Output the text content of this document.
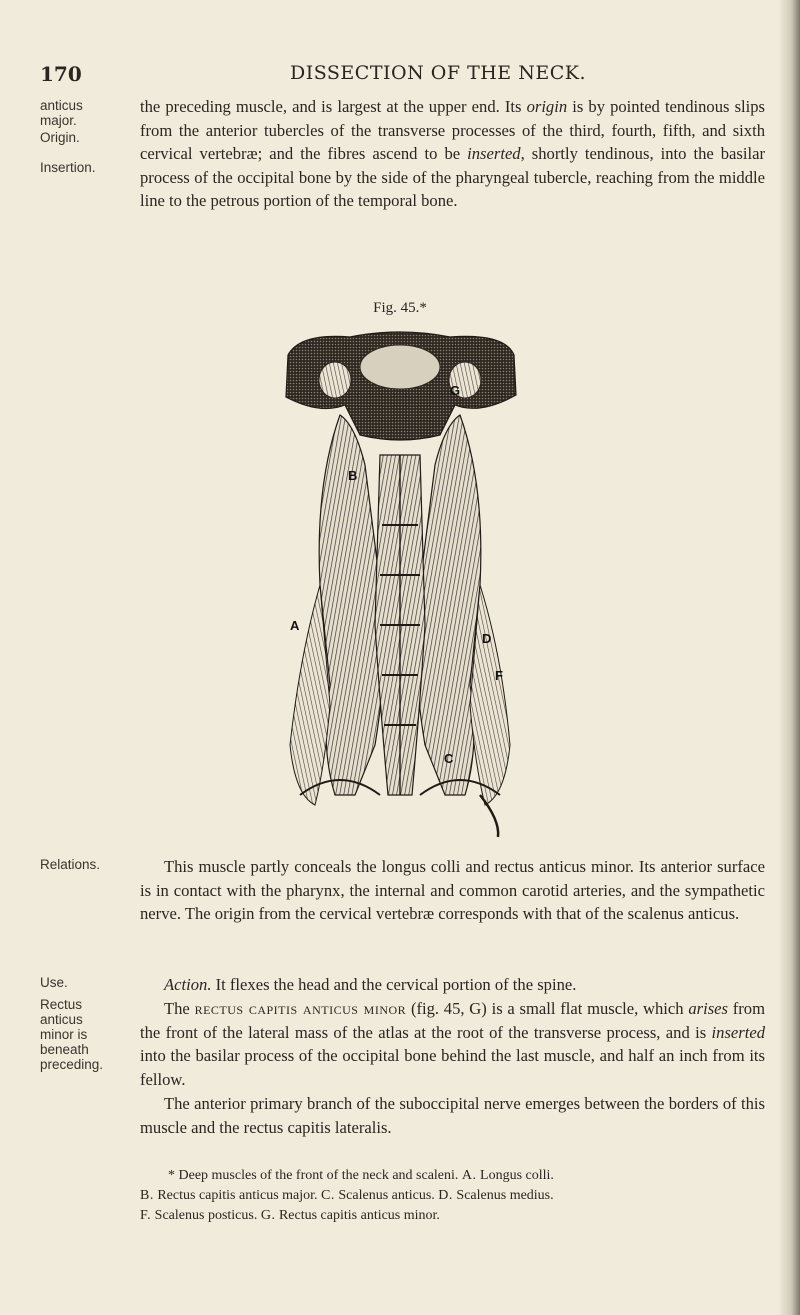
170	DISSECTION OF THE NECK.
anticus major.
Origin.
Insertion.
Relations.
Use.
Rectus anticus minor is beneath preceding.
the preceding muscle, and is largest at the upper end. Its origin is by pointed tendinous slips from the anterior tubercles of the transverse processes of the third, fourth, fifth, and sixth cervical vertebræ; and the fibres ascend to be inserted, shortly tendinous, into the basilar process of the occipital bone by the side of the pharyngeal tubercle, reaching from the middle line to the petrous portion of the temporal bone.
Fig. 45.*
A
B
C
D
F
G
This muscle partly conceals the longus colli and rectus anticus minor. Its anterior surface is in contact with the pharynx, the internal and common carotid arteries, and the sympathetic nerve. The origin from the cervical vertebræ corresponds with that of the scalenus anticus.
Action. It flexes the head and the cervical portion of the spine.
The rectus capitis anticus minor (fig. 45, G) is a small flat muscle, which arises from the front of the lateral mass of the atlas at the root of the transverse process, and is inserted into the basilar process of the occipital bone behind the last muscle, and half an inch from its fellow.
The anterior primary branch of the suboccipital nerve emerges between the borders of this muscle and the rectus capitis lateralis.

* Deep muscles of the front of the neck and scaleni. A. Longus colli.

B. Rectus capitis anticus major. C. Scalenus anticus. D. Scalenus medius.

F. Scalenus posticus. G. Rectus capitis anticus minor.
